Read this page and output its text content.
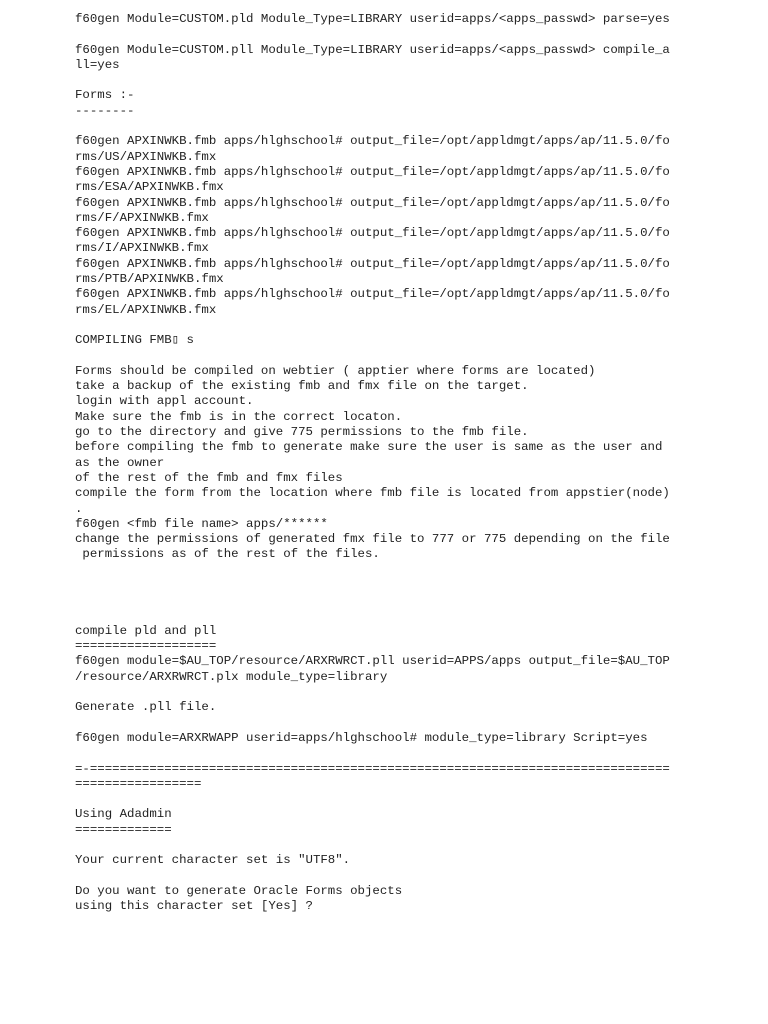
f60gen Module=CUSTOM.pld Module_Type=LIBRARY userid=apps/<apps_passwd> parse=yes
f60gen Module=CUSTOM.pll Module_Type=LIBRARY userid=apps/<apps_passwd> compile_a
ll=yes
Forms :-
--------
f60gen APXINWKB.fmb apps/hlghschool# output_file=/opt/appldmgt/apps/ap/11.5.0/fo
rms/US/APXINWKB.fmx
f60gen APXINWKB.fmb apps/hlghschool# output_file=/opt/appldmgt/apps/ap/11.5.0/fo
rms/ESA/APXINWKB.fmx
f60gen APXINWKB.fmb apps/hlghschool# output_file=/opt/appldmgt/apps/ap/11.5.0/fo
rms/F/APXINWKB.fmx
f60gen APXINWKB.fmb apps/hlghschool# output_file=/opt/appldmgt/apps/ap/11.5.0/fo
rms/I/APXINWKB.fmx
f60gen APXINWKB.fmb apps/hlghschool# output_file=/opt/appldmgt/apps/ap/11.5.0/fo
rms/PTB/APXINWKB.fmx
f60gen APXINWKB.fmb apps/hlghschool# output_file=/opt/appldmgt/apps/ap/11.5.0/fo
rms/EL/APXINWKB.fmx
COMPILING FMB▯ s
Forms should be compiled on webtier ( apptier where forms are located)
take a backup of the existing fmb and fmx file on the target.
login with appl account.
Make sure the fmb is in the correct locaton.
go to the directory and give 775 permissions to the fmb file.
before compiling the fmb to generate make sure the user is same as the user and
as the owner
of the rest of the fmb and fmx files
compile the form from the location where fmb file is located from appstier(node)
.
f60gen <fmb file name> apps/******
change the permissions of generated fmx file to 777 or 775 depending on the file
permissions as of the rest of the files.
compile pld and pll
===================
f60gen module=$AU_TOP/resource/ARXRWRCT.pll userid=APPS/apps output_file=$AU_TOP
/resource/ARXRWRCT.plx module_type=library
Generate .pll file.
f60gen module=ARXRWAPP userid=apps/hlghschool# module_type=library Script=yes
=-==============================================================================
=================
Using Adadmin
=============
Your current character set is "UTF8".
Do you want to generate Oracle Forms objects
using this character set [Yes] ?
